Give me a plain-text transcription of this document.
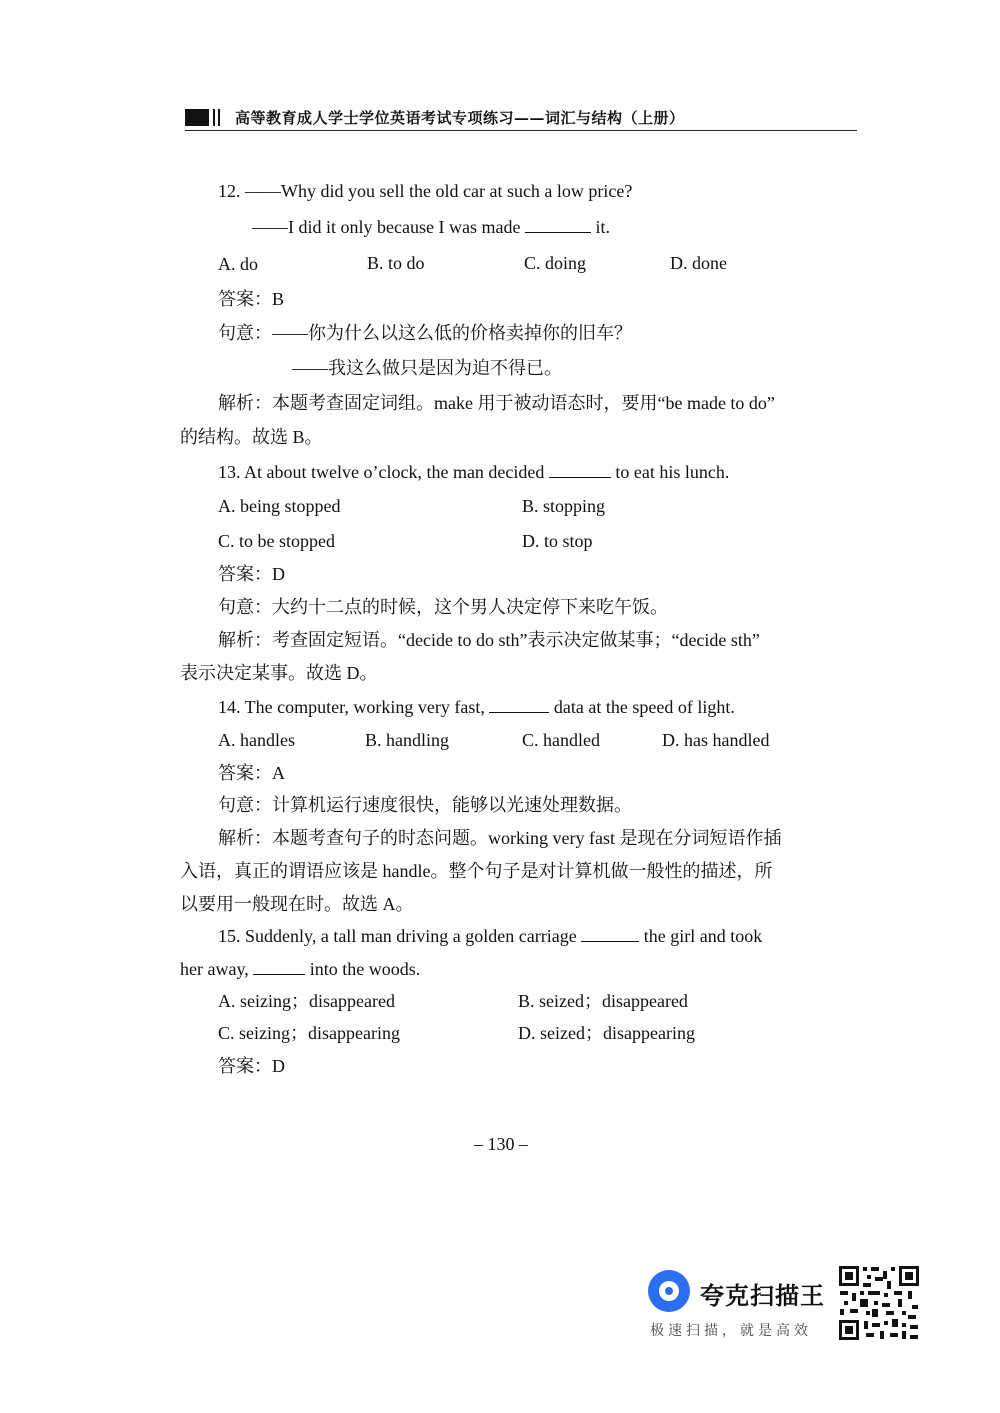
高等教育成人学士学位英语考试专项练习——词汇与结构（上册）
12. ——Why did you sell the old car at such a low price?
——I did it only because I was made	it.
A. do	B. to do	C. doing	D. done
答案：B
句意：——你为什么以这么低的价格卖掉你的旧车？
——我这么做只是因为迫不得已。
解析：本题考查固定词组。make 用于被动语态时，要用“be made to do”
的结构。故选 B。
13. At about twelve o’clock, the man decided	to eat his lunch.
A. being stopped	B. stopping
C. to be stopped	D. to stop
答案：D
句意：大约十二点的时候，这个男人决定停下来吃午饭。
解析：考查固定短语。“decide to do sth”表示决定做某事；“decide sth”
表示决定某事。故选 D。
14. The computer, working very fast,	data at the speed of light.
A. handles	B. handling	C. handled	D. has handled
答案：A
句意：计算机运行速度很快，能够以光速处理数据。
解析：本题考查句子的时态问题。working very fast 是现在分词短语作插
入语，真正的谓语应该是 handle。整个句子是对计算机做一般性的描述，所
以要用一般现在时。故选 A。
15. Suddenly, a tall man driving a golden carriage	the girl and took
her away,	into the woods.
A. seizing；disappeared	B. seized；disappeared
C. seizing；disappearing	D. seized；disappearing
答案：D
– 130 –
夸克扫描王
极速扫描，就是高效
